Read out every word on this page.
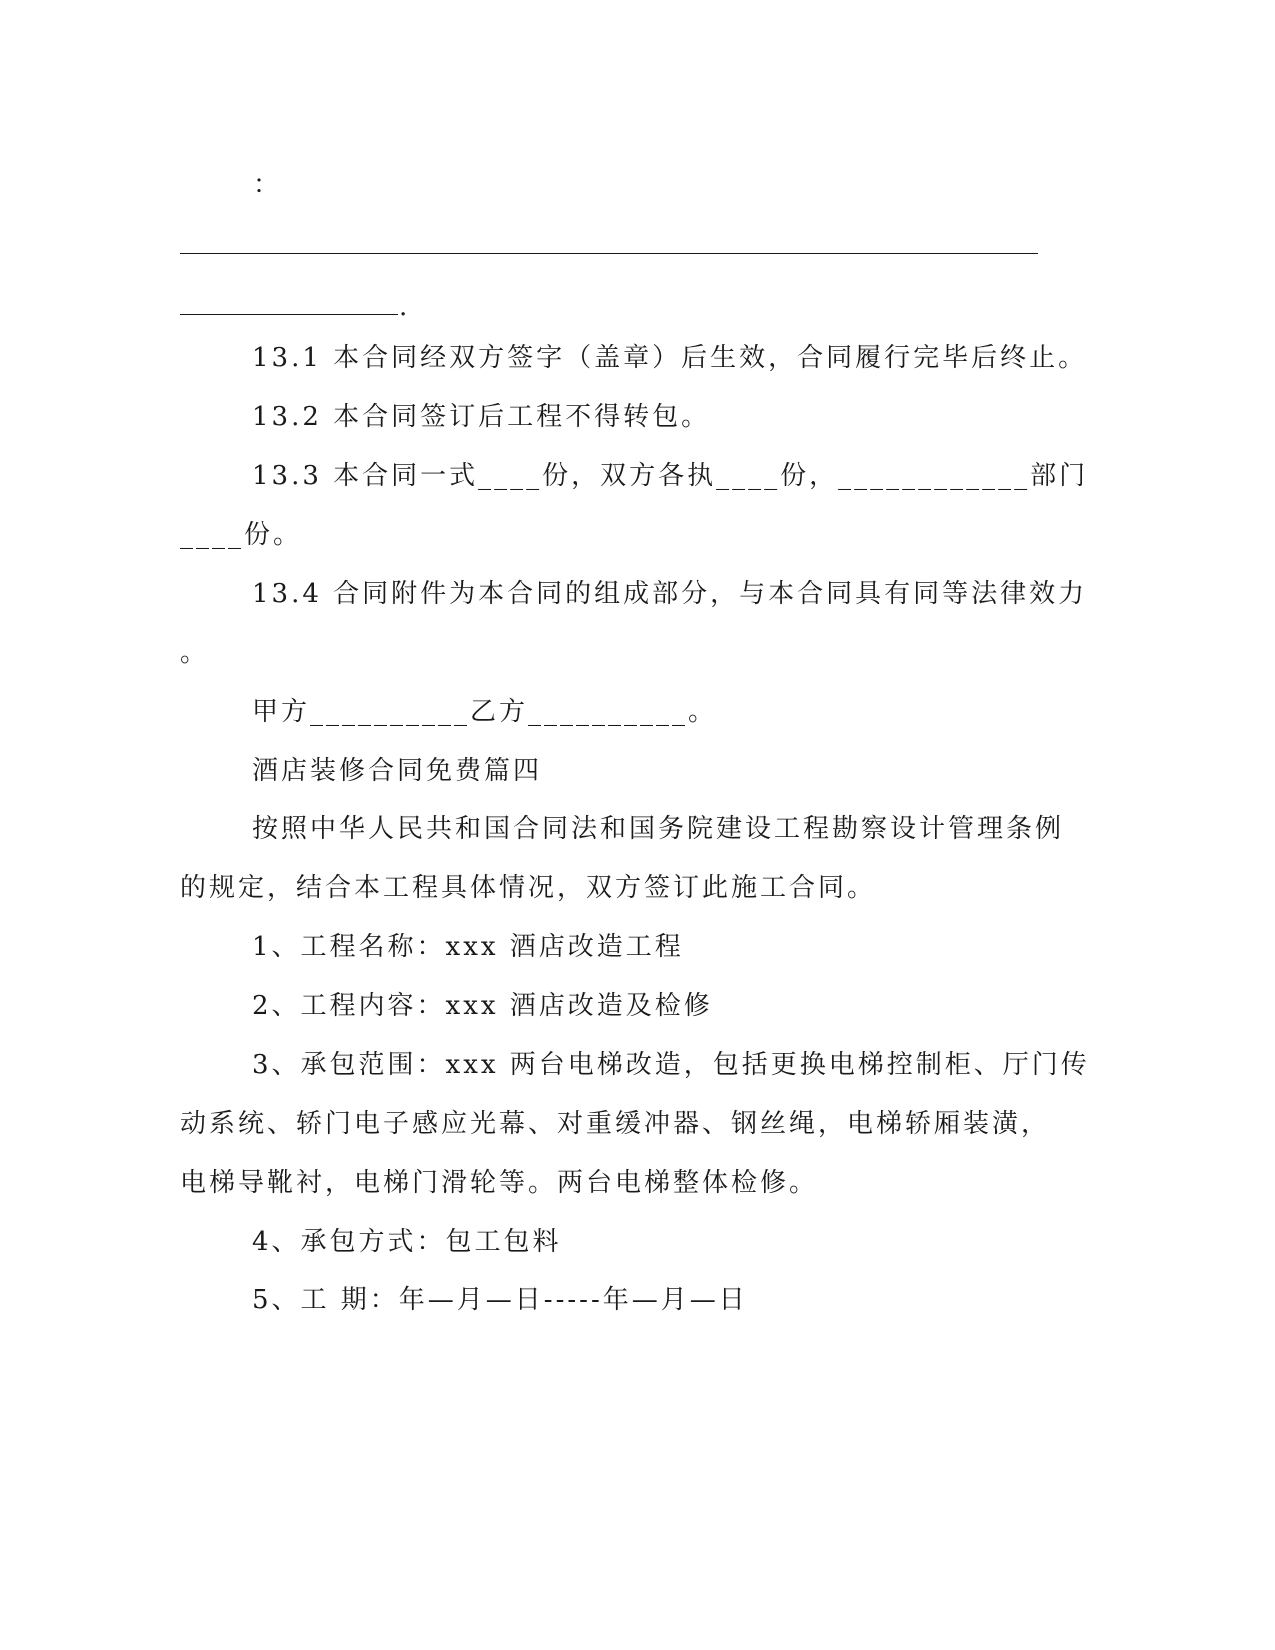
：
.
13.1 本合同经双方签字（盖章）后生效，合同履行完毕后终止。
13.2 本合同签订后工程不得转包。
13.3 本合同一式____份，双方各执____份，____________部门
____份。
13.4 合同附件为本合同的组成部分，与本合同具有同等法律效力
。
甲方__________乙方__________。
酒店装修合同免费篇四
按照中华人民共和国合同法和国务院建设工程勘察设计管理条例
的规定，结合本工程具体情况，双方签订此施工合同。
1、工程名称：xxx 酒店改造工程
2、工程内容：xxx 酒店改造及检修
3、承包范围：xxx 两台电梯改造，包括更换电梯控制柜、厅门传
动系统、轿门电子感应光幕、对重缓冲器、钢丝绳，电梯轿厢装潢，
电梯导靴衬，电梯门滑轮等。两台电梯整体检修。
4、承包方式：包工包料
5、工 期：年—月—日-----年—月—日
